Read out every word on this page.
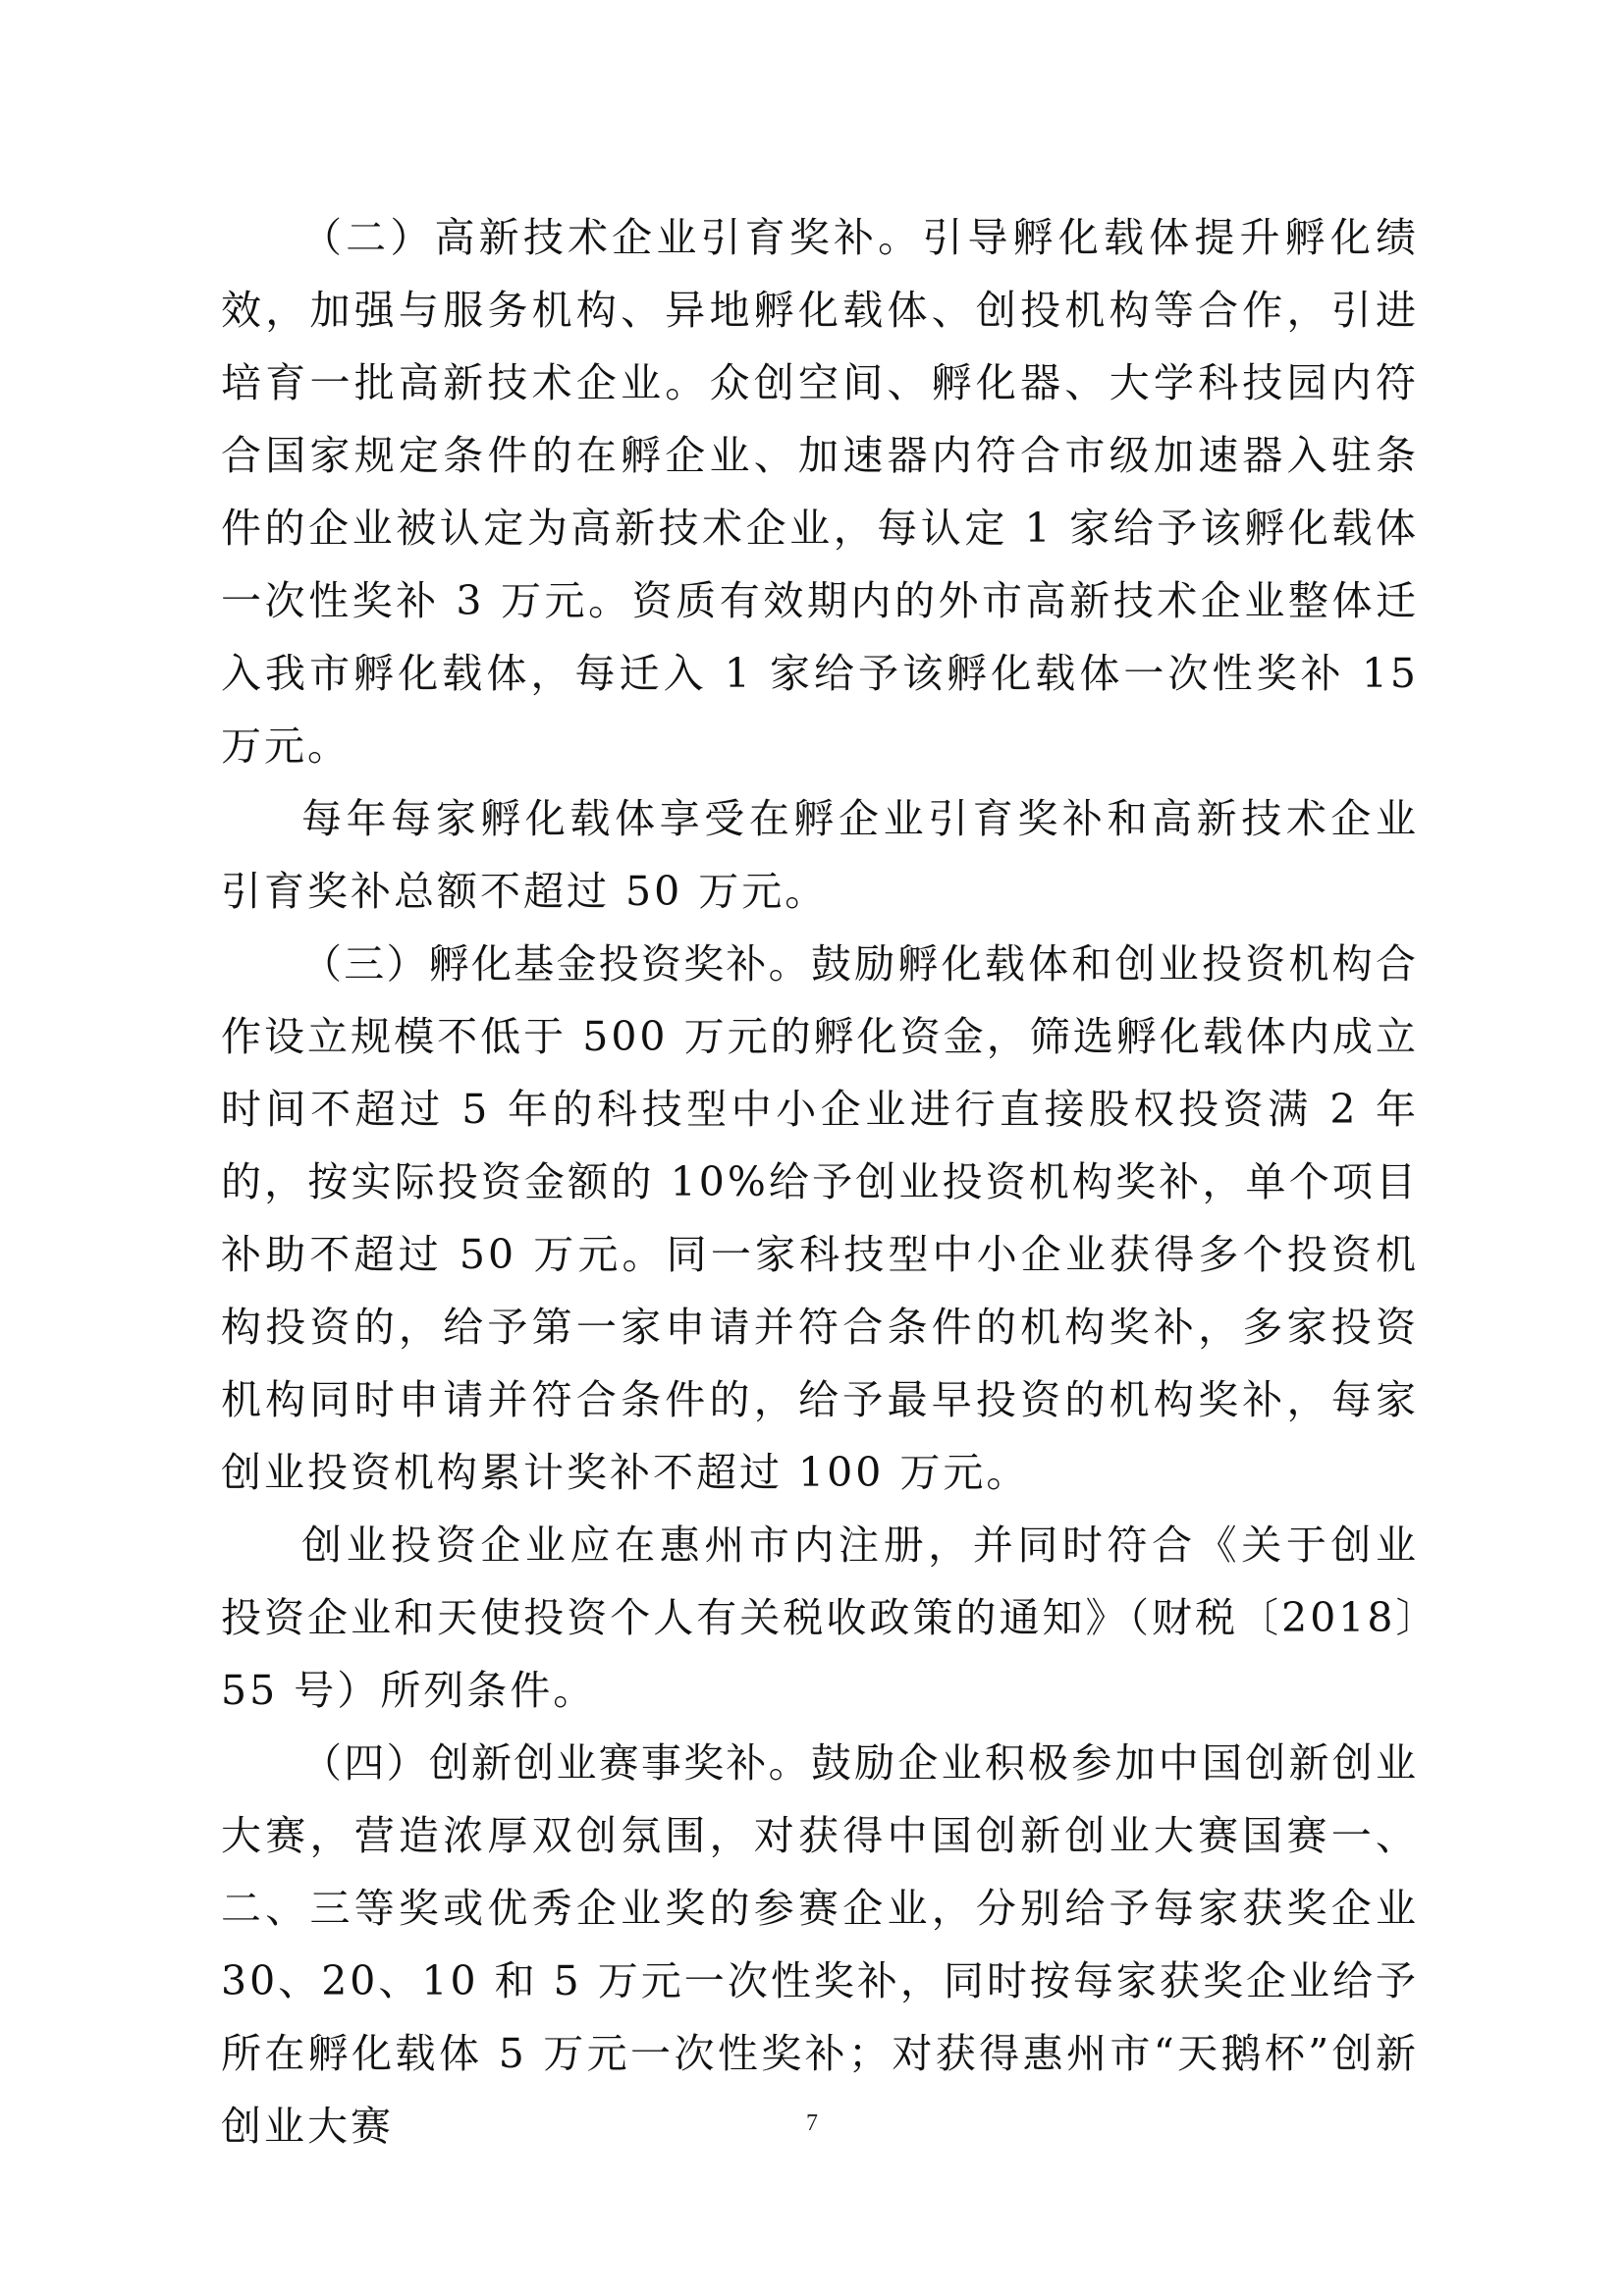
（二）高新技术企业引育奖补。引导孵化载体提升孵化绩效，加强与服务机构、异地孵化载体、创投机构等合作，引进培育一批高新技术企业。众创空间、孵化器、大学科技园内符合国家规定条件的在孵企业、加速器内符合市级加速器入驻条件的企业被认定为高新技术企业，每认定 1 家给予该孵化载体一次性奖补 3 万元。资质有效期内的外市高新技术企业整体迁入我市孵化载体，每迁入 1 家给予该孵化载体一次性奖补 15 万元。

每年每家孵化载体享受在孵企业引育奖补和高新技术企业引育奖补总额不超过 50 万元。

（三）孵化基金投资奖补。鼓励孵化载体和创业投资机构合作设立规模不低于 500 万元的孵化资金，筛选孵化载体内成立时间不超过 5 年的科技型中小企业进行直接股权投资满 2 年的，按实际投资金额的 10%给予创业投资机构奖补，单个项目补助不超过 50 万元。同一家科技型中小企业获得多个投资机构投资的，给予第一家申请并符合条件的机构奖补，多家投资机构同时申请并符合条件的，给予最早投资的机构奖补，每家创业投资机构累计奖补不超过 100 万元。

创业投资企业应在惠州市内注册，并同时符合《关于创业投资企业和天使投资个人有关税收政策的通知》（财税〔2018〕55 号）所列条件。

（四）创新创业赛事奖补。鼓励企业积极参加中国创新创业大赛，营造浓厚双创氛围，对获得中国创新创业大赛国赛一、二、三等奖或优秀企业奖的参赛企业，分别给予每家获奖企业 30、20、10 和 5 万元一次性奖补，同时按每家获奖企业给予所在孵化载体 5 万元一次性奖补；对获得惠州市“天鹅杯”创新创业大赛	7
